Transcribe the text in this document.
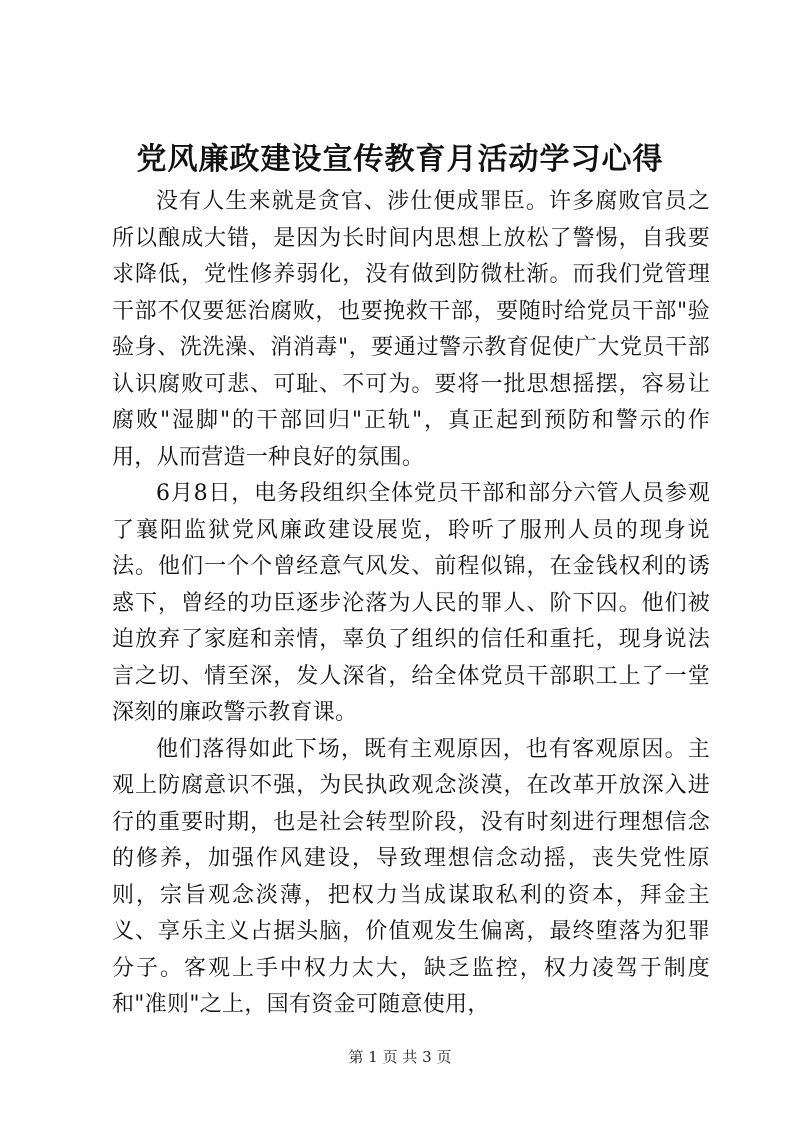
党风廉政建设宣传教育月活动学习心得

没有人生来就是贪官、涉仕便成罪臣。许多腐败官员之所以酿成大错，是因为长时间内思想上放松了警惕，自我要求降低，党性修养弱化，没有做到防微杜渐。而我们党管理干部不仅要惩治腐败，也要挽救干部，要随时给党员干部"验验身、洗洗澡、消消毒"，要通过警示教育促使广大党员干部认识腐败可悲、可耻、不可为。要将一批思想摇摆，容易让腐败"湿脚"的干部回归"正轨"，真正起到预防和警示的作用，从而营造一种良好的氛围。

6月8日，电务段组织全体党员干部和部分六管人员参观了襄阳监狱党风廉政建设展览，聆听了服刑人员的现身说法。他们一个个曾经意气风发、前程似锦，在金钱权利的诱惑下，曾经的功臣逐步沦落为人民的罪人、阶下囚。他们被迫放弃了家庭和亲情，辜负了组织的信任和重托，现身说法言之切、情至深，发人深省，给全体党员干部职工上了一堂深刻的廉政警示教育课。

他们落得如此下场，既有主观原因，也有客观原因。主观上防腐意识不强，为民执政观念淡漠，在改革开放深入进行的重要时期，也是社会转型阶段，没有时刻进行理想信念的修养，加强作风建设，导致理想信念动摇，丧失党性原则，宗旨观念淡薄，把权力当成谋取私利的资本，拜金主义、享乐主义占据头脑，价值观发生偏离，最终堕落为犯罪分子。客观上手中权力太大，缺乏监控，权力凌驾于制度和"准则"之上，国有资金可随意使用，

第 1 页 共 3 页
